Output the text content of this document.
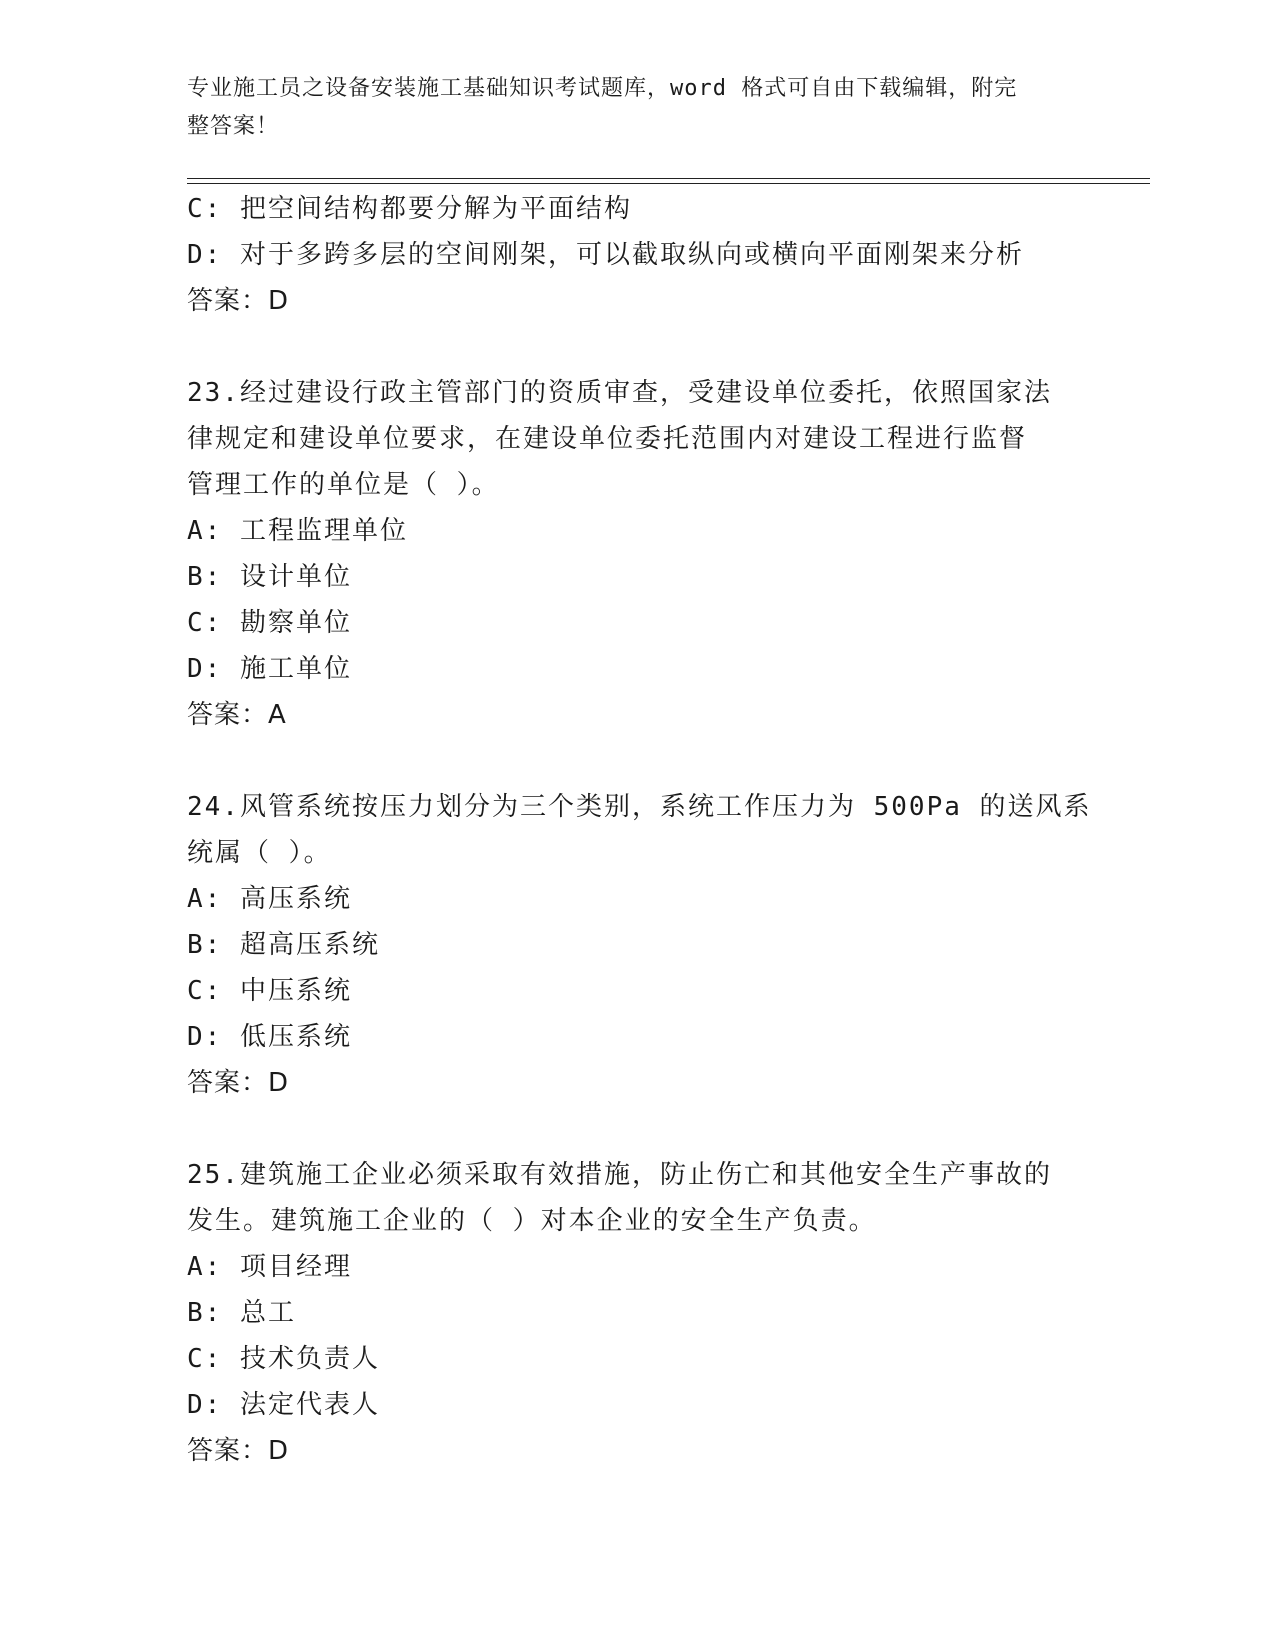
专业施工员之设备安装施工基础知识考试题库，word 格式可自由下载编辑，附完
整答案！
C: 把空间结构都要分解为平面结构
D: 对于多跨多层的空间刚架，可以截取纵向或横向平面刚架来分析
答案：D
23.经过建设行政主管部门的资质审查，受建设单位委托，依照国家法
律规定和建设单位要求，在建设单位委托范围内对建设工程进行监督
管理工作的单位是（ ）。
A: 工程监理单位
B: 设计单位
C: 勘察单位
D: 施工单位
答案：A
24.风管系统按压力划分为三个类别，系统工作压力为 500Pa 的送风系
统属（ ）。
A: 高压系统
B: 超高压系统
C: 中压系统
D: 低压系统
答案：D
25.建筑施工企业必须采取有效措施，防止伤亡和其他安全生产事故的
发生。建筑施工企业的（ ）对本企业的安全生产负责。
A: 项目经理
B: 总工
C: 技术负责人
D: 法定代表人
答案：D
